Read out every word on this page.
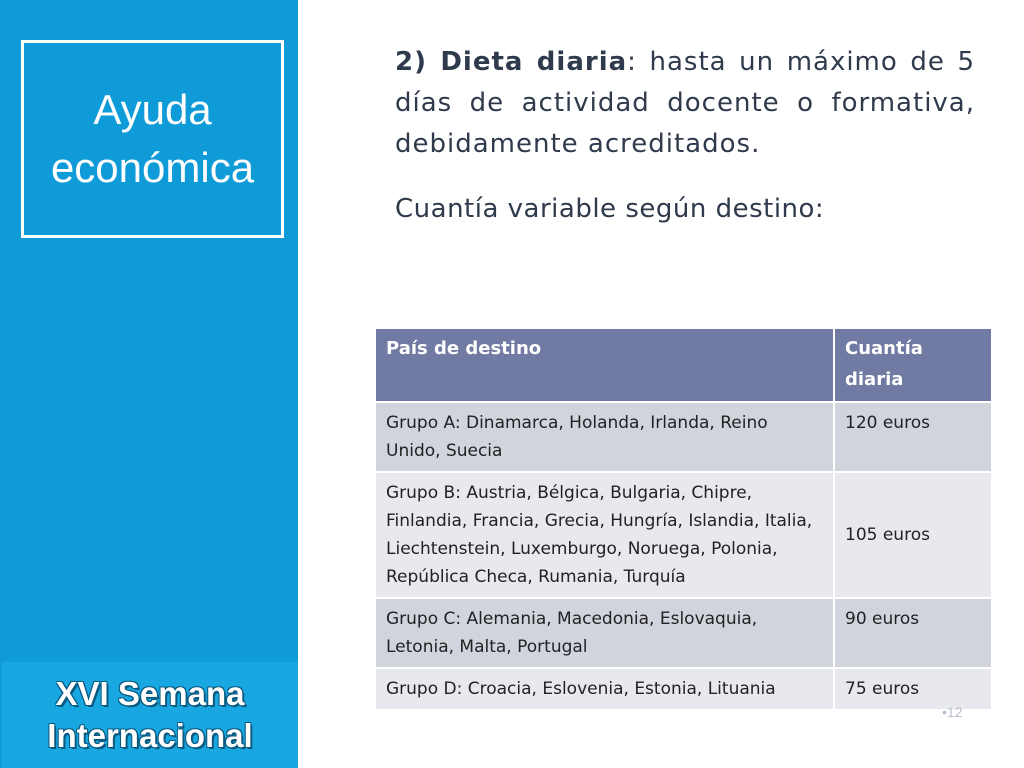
Ayuda
económica
XVI Semana
Internacional

2) Dieta diaria: hasta un máximo de 5 días de actividad docente o formativa, debidamente acreditados.

Cuantía variable según destino:

País de destino	Cuantía diaria
Grupo A: Dinamarca, Holanda, Irlanda, Reino Unido, Suecia	120 euros
Grupo B: Austria, Bélgica, Bulgaria, Chipre, Finlandia, Francia, Grecia, Hungría, Islandia, Italia, Liechtenstein, Luxemburgo, Noruega, Polonia, República Checa, Rumania, Turquía	105 euros
Grupo C: Alemania, Macedonia, Eslovaquia, Letonia, Malta, Portugal	90 euros
Grupo D: Croacia, Eslovenia, Estonia, Lituania	75 euros
•12
